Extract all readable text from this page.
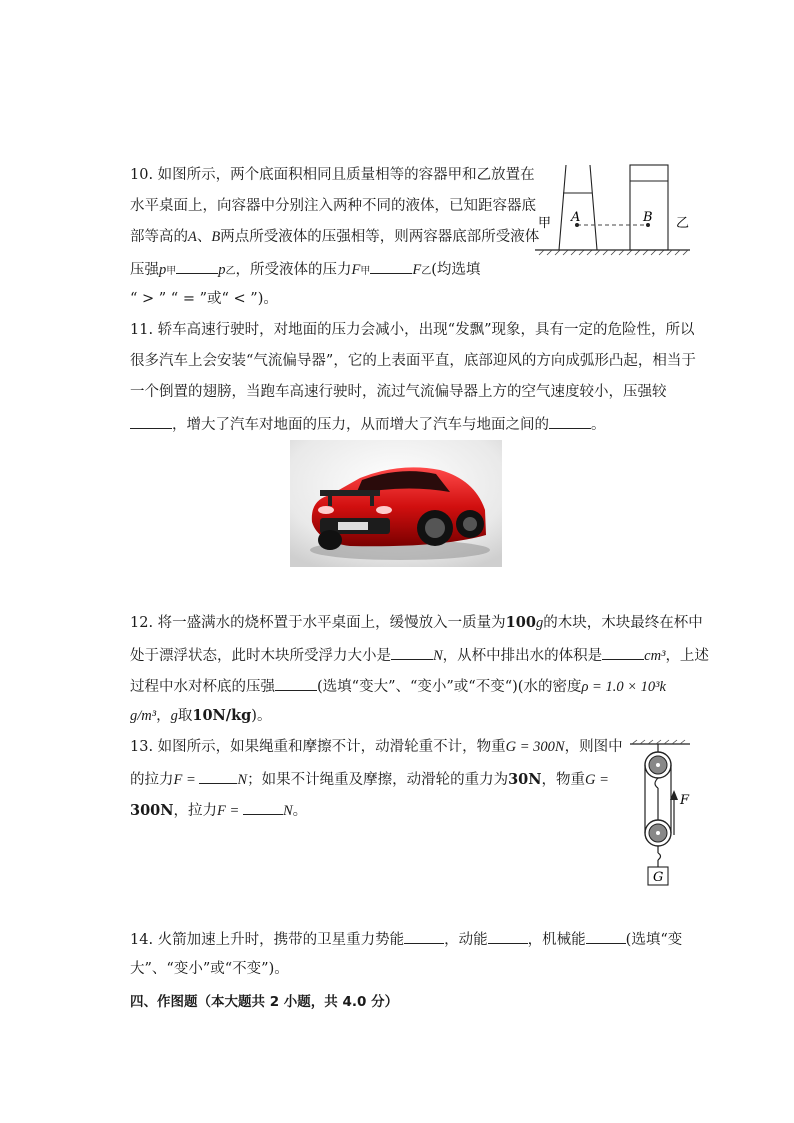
10. 如图所示，两个底面积相同且质量相等的容器甲和乙放置在
水平桌面上，向容器中分别注入两种不同的液体，已知距容器底
部等高的A、B两点所受液体的压强相等，则两容器底部所受液体
压强p甲	p乙，所受液体的压力F甲	F乙(均选填
“ > ” “ = ”或“ < ”)。
A	B
甲	乙
11. 轿车高速行驶时，对地面的压力会减小，出现“发飘”现象，具有一定的危险性，所以
很多汽车上会安装“气流偏导器”，它的上表面平直，底部迎风的方向成弧形凸起，相当于
一个倒置的翅膀，当跑车高速行驶时，流过气流偏导器上方的空气速度较小，压强较
，增大了汽车对地面的压力，从而增大了汽车与地面之间的	。
12. 将一盛满水的烧杯置于水平桌面上，缓慢放入一质量为100g的木块，木块最终在杯中
处于漂浮状态，此时木块所受浮力大小是	N，从杯中排出水的体积是	cm³，上述
过程中水对杯底的压强	(选填“变大”、“变小”或“不变“)(水的密度ρ = 1.0 × 10³k
g/m³，g取10N/kg)。
13. 如图所示，如果绳重和摩擦不计，动滑轮重不计，物重G = 300N，则图中
的拉力F =	N；如果不计绳重及摩擦，动滑轮的重力为30N，物重G =
300N，拉力F =	N。
F
G
14. 火箭加速上升时，携带的卫星重力势能	，动能	，机械能	(选填“变
大”、“变小”或“不变”)。
四、作图题（本大题共 2 小题，共 4.0 分）
